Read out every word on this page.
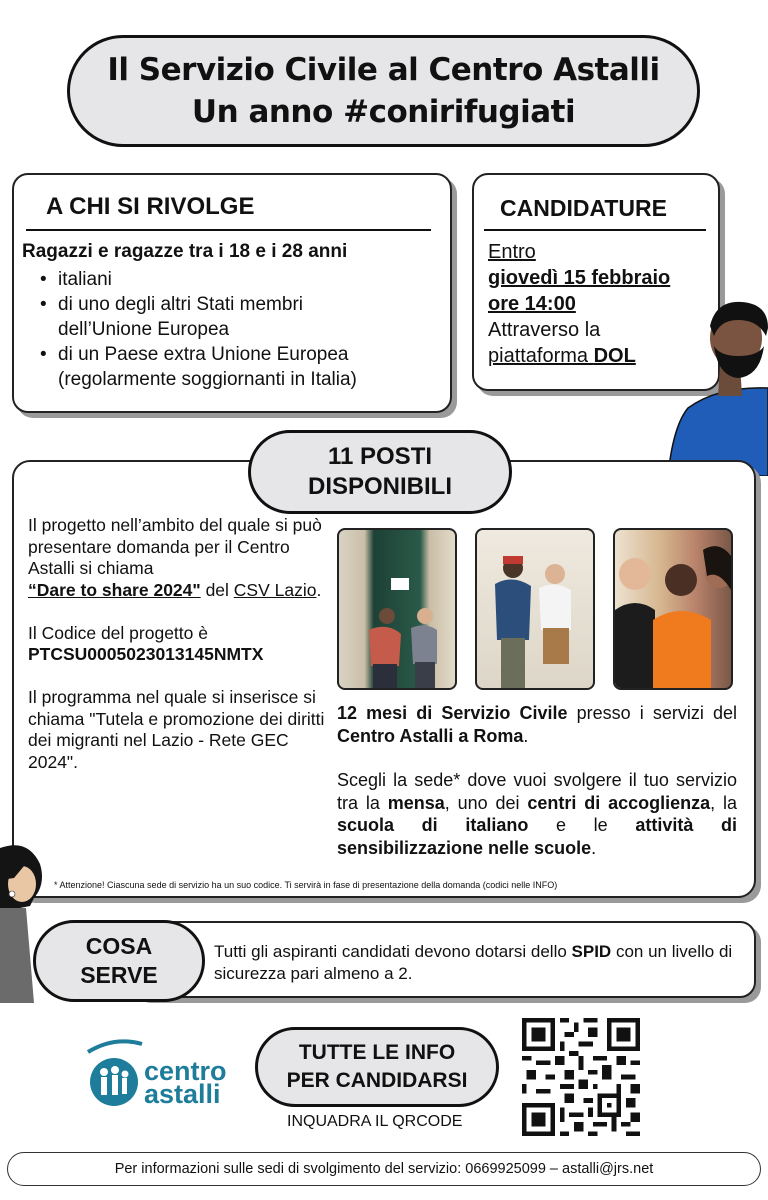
Il Servizio Civile al Centro Astalli
Un anno #conirifugiati
A CHI SI RIVOLGE
Ragazzi e ragazze tra i 18 e i 28 anni
• italiani
• di uno degli altri Stati membri dell’Unione Europea
• di un Paese extra Unione Europea (regolarmente soggiornanti in Italia)
CANDIDATURE
Entro
giovedì 15 febbraio
ore 14:00
Attraverso la
piattaforma DOL
11 POSTI
DISPONIBILI

Il progetto nell’ambito del quale si può presentare domanda per il Centro Astalli si chiama
“Dare to share 2024" del CSV Lazio.

Il Codice del progetto è
PTCSU0005023013145NMTX

Il programma nel quale si inserisce si chiama "Tutela e promozione dei diritti dei migranti nel Lazio - Rete GEC 2024".

12 mesi di Servizio Civile presso i servizi del Centro Astalli a Roma.

Scegli la sede* dove vuoi svolgere il tuo servizio tra la mensa, uno dei centri di accoglienza, la scuola di italiano e le attività di sensibilizzazione nelle scuole.

* Attenzione! Ciascuna sede di servizio ha un suo codice. Ti servirà in fase di presentazione della domanda (codici nelle INFO)
COSA
SERVE
Tutti gli aspiranti candidati devono dotarsi dello SPID con un livello di sicurezza pari almeno a 2.
centro
astalli
TUTTE LE INFO
PER CANDIDARSI
INQUADRA IL QRCODE
Per informazioni sulle sedi di svolgimento del servizio: 0669925099 – astalli@jrs.net
